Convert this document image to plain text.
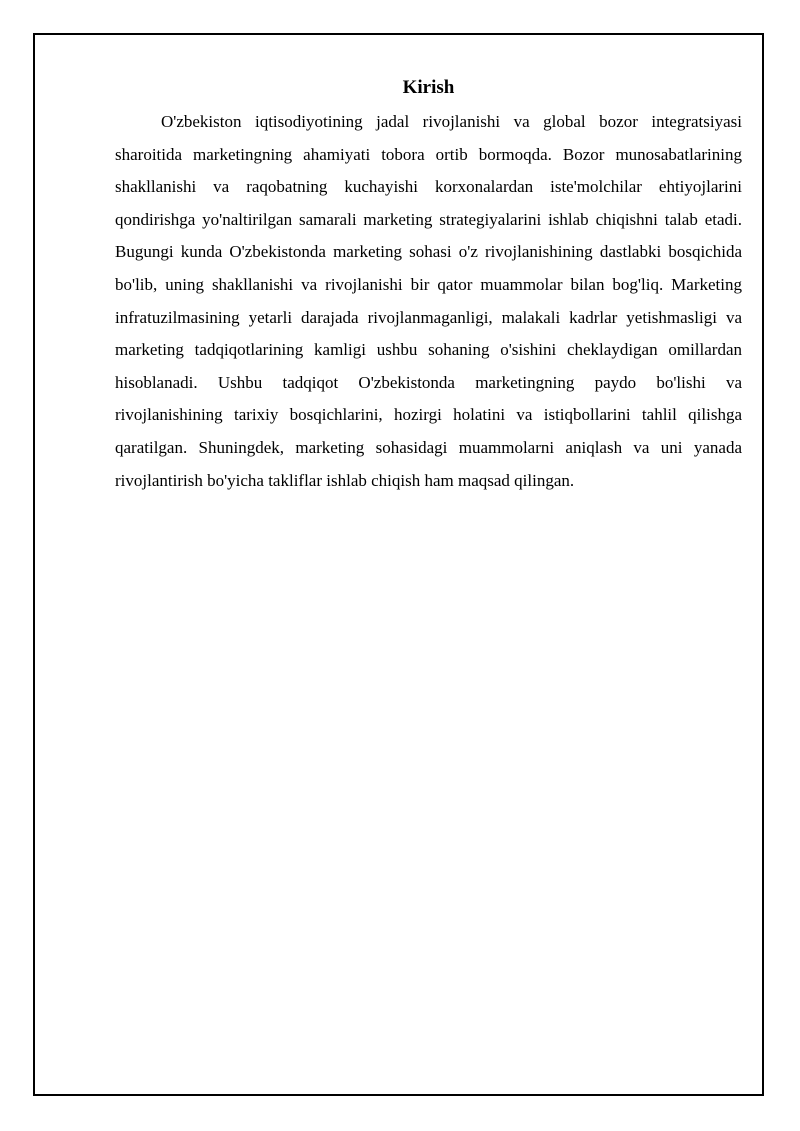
Kirish

O'zbekiston iqtisodiyotining jadal rivojlanishi va global bozor integratsiyasi sharoitida marketingning ahamiyati tobora ortib bormoqda. Bozor munosabatlarining shakllanishi va raqobatning kuchayishi korxonalardan iste'molchilar ehtiyojlarini qondirishga yo'naltirilgan samarali marketing strategiyalarini ishlab chiqishni talab etadi. Bugungi kunda O'zbekistonda marketing sohasi o'z rivojlanishining dastlabki bosqichida bo'lib, uning shakllanishi va rivojlanishi bir qator muammolar bilan bog'liq. Marketing infratuzilmasining yetarli darajada rivojlanmaganligi, malakali kadrlar yetishmasligi va marketing tadqiqotlarining kamligi ushbu sohaning o'sishini cheklaydigan omillardan hisoblanadi. Ushbu tadqiqot O'zbekistonda marketingning paydo bo'lishi va rivojlanishining tarixiy bosqichlarini, hozirgi holatini va istiqbollarini tahlil qilishga qaratilgan. Shuningdek, marketing sohasidagi muammolarni aniqlash va uni yanada rivojlantirish bo'yicha takliflar ishlab chiqish ham maqsad qilingan.
